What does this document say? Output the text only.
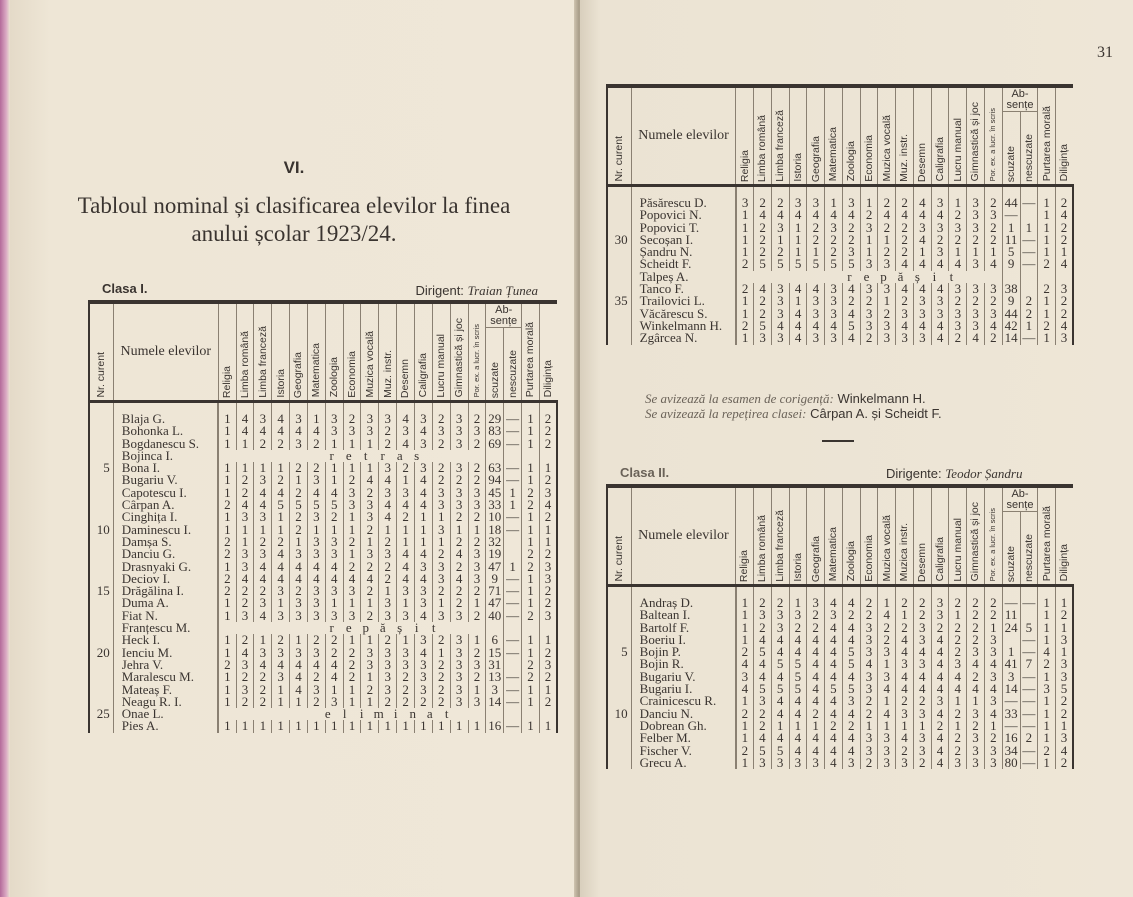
VI.
Tabloul nominal și clasificarea elevilor la finea
anului școlar 1923/24.
Clasa I.	Dirigent: Traian Țunea
Nr. curent	Numele elevilor	Religia	Limba română	Limba franceză	Istoria	Geografia	Matematica	Zoologia	Economia	Muzica vocală	Muz. instr.	Desemn	Caligrafia	Lucru manual	Gimnastică și joc	Por. ex. a lucr. în scris	Ab- sențe		Purtarea morală	Diligința
																	scuzate	nescuzate		
	Blaja G.	1	4	3	4	3	1	3	2	3	3	4	3	2	3	2	29	—	1	2
	Bohonka L.	1	4	4	4	4	4	3	3	3	2	3	4	3	3	3	83	—	1	2
	Bogdanescu S.	1	1	2	2	3	2	1	1	1	2	4	3	2	3	2	69	—	1	2
	Bojinca I.	r e t r a s																		
5	Bona I.	1	1	1	1	2	2	1	1	1	3	2	3	2	3	2	63	—	1	1
	Bugariu V.	1	2	3	2	1	3	1	2	4	4	1	4	2	2	2	94	—	1	2
	Capotescu I.	1	2	4	4	2	4	4	3	2	3	3	4	3	3	3	45	1	2	3
	Cârpan A.	2	4	4	5	5	5	5	3	3	4	4	4	3	3	3	33	1	2	4
	Cinghița I.	1	3	3	1	2	3	2	1	3	4	2	1	1	2	2	10	—	1	2
10	Daminescu I.	1	1	1	1	2	1	1	1	2	1	1	1	3	1	1	18	—	1	1
	Damșa S.	2	1	2	2	1	3	3	2	1	2	1	1	1	2	2	32		1	1
	Danciu G.	2	3	3	4	3	3	3	1	3	3	4	4	2	4	3	19		2	2
	Drasnyaki G.	1	3	4	4	4	4	4	2	2	2	4	3	3	2	3	47	1	2	3
	Deciov I.	2	4	4	4	4	4	4	4	4	2	4	4	3	4	3	9	—	1	3
15	Drăgălina I.	2	2	2	3	2	3	3	3	2	1	3	3	2	2	2	71	—	1	2
	Duma A.	1	2	3	1	3	3	1	1	1	3	1	3	1	2	1	47	—	1	2
	Fiat N.	1	3	4	3	3	3	3	3	2	3	3	4	3	3	2	40	—	2	3
	Franțescu M.	r e p ă ș i t																		
	Heck I.	1	2	1	2	1	2	2	1	1	2	1	3	2	3	1	6	—	1	1
20	Ienciu M.	1	4	3	3	3	3	2	2	3	3	3	4	1	3	2	15	—	1	2
	Jehra V.	2	3	4	4	4	4	4	2	3	3	3	3	2	3	3	31		2	3
	Maralescu M.	1	2	2	3	4	2	4	2	1	3	2	3	2	3	2	13	—	2	2
	Mateaș F.	1	3	2	1	4	3	1	1	2	3	2	3	2	3	1	3	—	1	1
	Neagu R. I.	1	2	2	1	1	2	3	1	1	2	2	2	2	3	3	14	—	1	2
25	Onae L.	e l i m i n a t																		
	Pies A.	1	1	1	1	1	1	1	1	1	1	1	1	1	1	1	16	—	1	1
31
Nr. curent	Numele elevilor	Religia	Limba română	Limba franceză	Istoria	Geografia	Matematica	Zoologia	Economia	Muzica vocală	Muz. instr.	Desemn	Caligrafia	Lucru manual	Gimnastică și joc	Por. ex. a lucr. în scris	Ab- sențe		Purtarea morală	Diligința
																	scuzate	nescuzate		
	Păsărescu D.	3	2	2	3	3	1	3	1	2	2	4	3	1	3	2	44	—	1	2
	Popovici N.	1	4	4	4	4	4	4	2	4	4	4	4	2	3	3	—		1	4
	Popovici T.	1	2	3	1	2	3	2	3	2	2	3	3	3	3	2	1	1	1	2
30	Secoșan I.	1	2	1	1	2	2	2	1	1	2	4	2	2	2	2	11	—	1	2
	Șandru N.	1	2	2	1	1	2	3	1	2	2	1	3	1	1	1	5	—	1	1
	Scheidt F.	2	5	5	5	5	5	5	3	3	4	4	4	4	3	4	9	—	2	4
	Talpeș A.	r e p ă ș i t																		
	Tanco F.	2	4	3	4	4	3	4	3	3	4	4	4	3	3	3	38		2	3
35	Trailovici L.	1	2	3	1	3	3	2	2	1	2	3	3	2	2	2	9	2	1	2
	Văcărescu S.	1	2	3	4	3	3	4	3	2	3	3	3	3	3	3	44	2	1	2
	Winkelmann H.	2	5	4	4	4	4	5	3	3	4	4	4	3	3	4	42	1	2	4
	Zgârcea N.	1	3	3	4	3	3	4	2	3	3	3	4	2	4	2	14	—	1	3
Nr. curent	Numele elevilor	Religia	Limba română	Limba franceză	Istoria	Geografia	Matematica	Zoologia	Economia	Muzica vocală	Muzica instr.	Desemn	Caligrafia	Lucru manual	Gimnastică și joc	Por. ex. a lucr. în scris	Ab- sențe		Purtarea morală	Diligința
																	scuzate	nescuzate		
	Andraș D.	1	2	2	1	3	4	4	2	1	2	2	3	2	2	2	—	—	1	1
	Baltean I.	1	3	3	3	2	3	2	2	4	1	2	3	1	2	2	11		1	2
	Bartolf F.	1	2	3	2	2	4	4	3	2	2	3	2	2	2	1	24	5	1	1
	Boeriu I.	1	4	4	4	4	4	4	3	2	4	3	4	2	2	3		—	1	3
5	Bojin P.	2	5	4	4	4	4	5	3	3	4	4	4	2	3	3	1	—	4	1
	Bojin R.	4	4	5	5	4	4	5	4	1	3	3	4	3	4	4	41	7	2	3
	Bugariu V.	3	4	4	5	4	4	4	3	3	4	4	4	4	2	3	3	—	1	3
	Bugariu I.	4	5	5	5	4	5	5	3	4	4	4	4	4	4	4	14	—	3	5
	Crainicescu R.	1	3	4	4	4	4	3	2	1	2	2	3	1	1	3	—	—	1	2
10	Danciu N.	2	2	4	4	2	4	4	2	4	3	3	4	2	3	4	33	—	1	2
	Dobrean Gh.	1	2	1	1	1	2	2	1	1	1	1	2	1	2	1	—	—	1	1
	Felber M.	1	4	4	4	4	4	4	3	3	4	3	4	2	3	2	16	2	1	3
	Fischer V.	2	5	5	4	4	4	4	3	3	2	3	4	2	3	3	34	—	2	4
	Grecu A.	1	3	3	3	3	4	3	2	3	3	2	4	3	3	3	80	—	1	2
Se avizează la esamen de corigență: Winkelmann H.
Se avizează la repețirea clasei: Cârpan A. și Scheidt F.
Clasa II.	Dirigente: Teodor Șandru
